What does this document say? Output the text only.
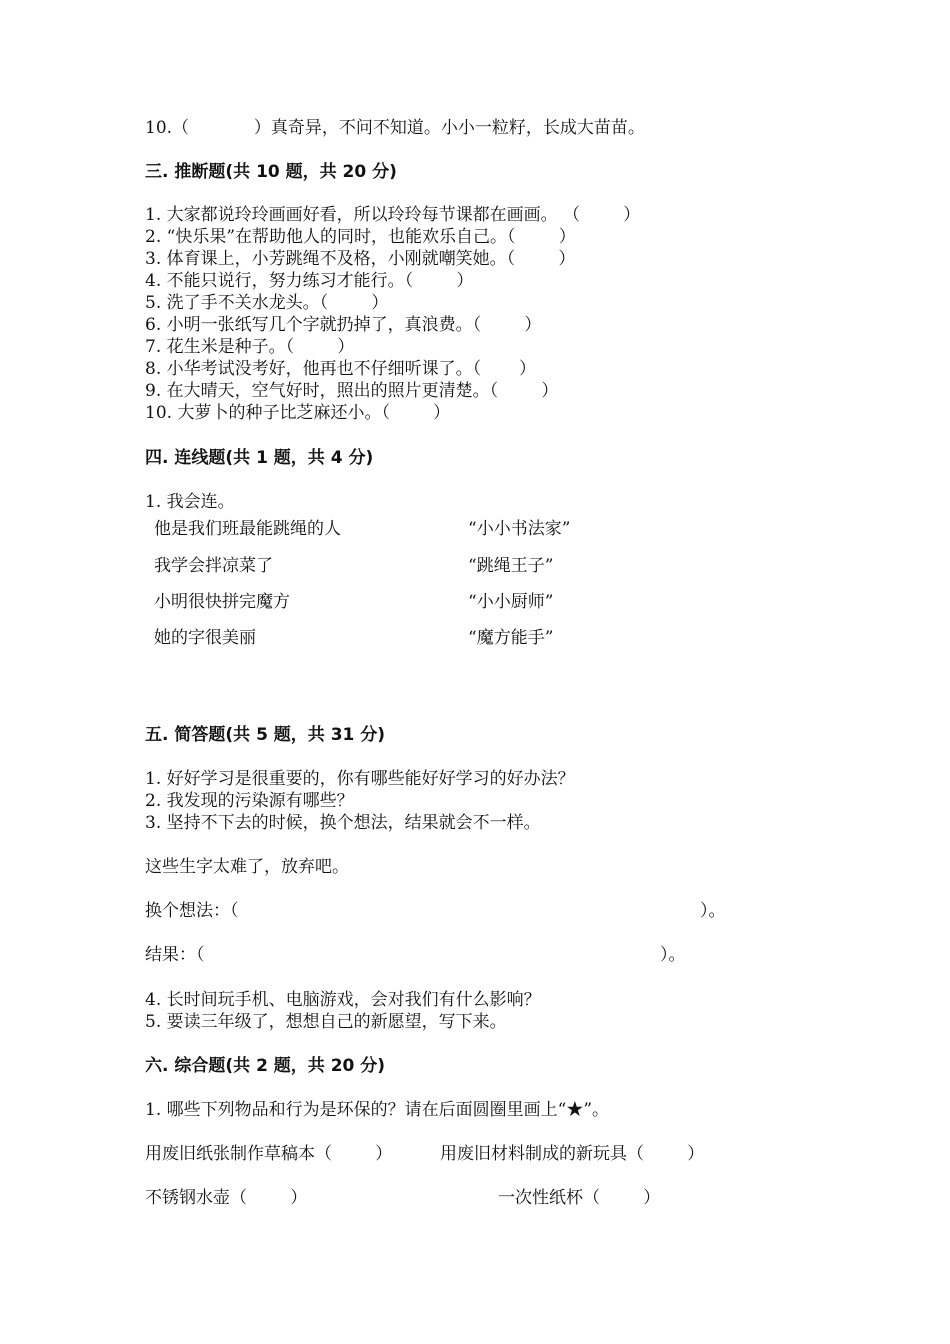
10.（            ）真奇异，不问不知道。小小一粒籽，长成大苗苗。
三. 推断题(共 10 题，共 20 分)
1. 大家都说玲玲画画好看，所以玲玲每节课都在画画。 （        ）
2. “快乐果”在帮助他人的同时，也能欢乐自己。（        ）
3. 体育课上，小芳跳绳不及格，小刚就嘲笑她。（        ）
4. 不能只说行，努力练习才能行。（        ）
5. 洗了手不关水龙头。（        ）
6. 小明一张纸写几个字就扔掉了，真浪费。（        ）
7. 花生米是种子。（        ）
8. 小华考试没考好，他再也不仔细听课了。（       ）
9. 在大晴天，空气好时，照出的照片更清楚。（        ）
10. 大萝卜的种子比芝麻还小。（        ）
四. 连线题(共 1 题，共 4 分)
1. 我会连。
他是我们班最能跳绳的人	“小小书法家”
我学会拌凉菜了	“跳绳王子”
小明很快拼完魔方	“小小厨师”
她的字很美丽	“魔方能手”
五. 简答题(共 5 题，共 31 分)
1. 好好学习是很重要的，你有哪些能好好学习的好办法？
2. 我发现的污染源有哪些？
3. 坚持不下去的时候，换个想法，结果就会不一样。
这些生字太难了，放弃吧。
换个想法：（	）。
结果：（	）。
4. 长时间玩手机、电脑游戏，会对我们有什么影响？
5. 要读三年级了，想想自己的新愿望，写下来。
六. 综合题(共 2 题，共 20 分)
1. 哪些下列物品和行为是环保的？请在后面圆圈里画上“★”。
用废旧纸张制作草稿本（        ）	用废旧材料制成的新玩具（        ）
不锈钢水壶（        ）	一次性纸杯（        ）
